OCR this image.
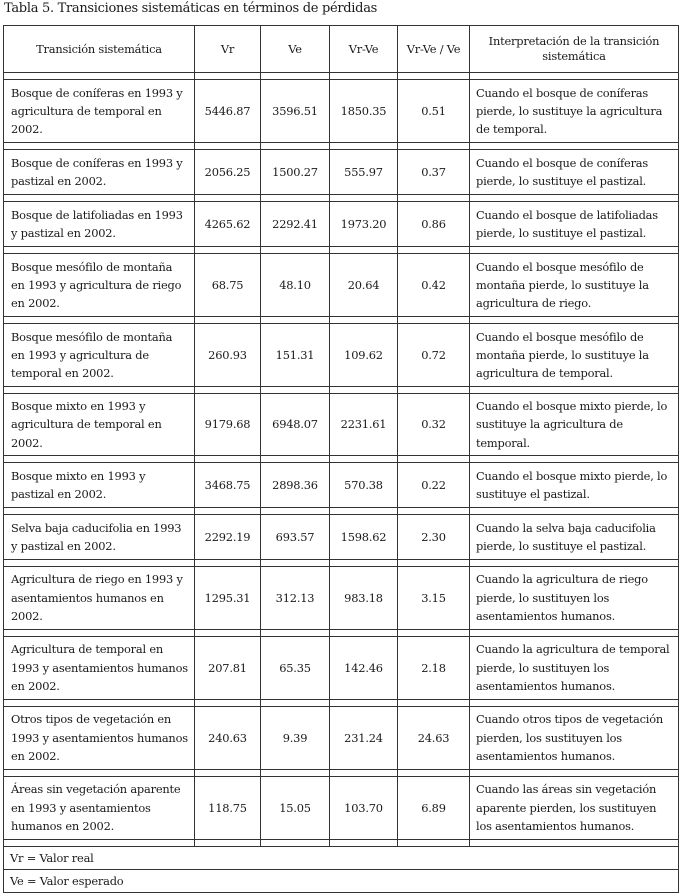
Tabla 5. Transiciones sistemáticas en términos de pérdidas
Transición sistemática	Vr	Ve	Vr-Ve	Vr-Ve / Ve	Interpretación de la transición sistemática

Bosque de coníferas en 1993 y agricultura de temporal en 2002.	5446.87	3596.51	1850.35	0.51	Cuando el bosque de coníferas pierde, lo sustituye la agricultura de temporal.

Bosque de coníferas en 1993 y pastizal en 2002.	2056.25	1500.27	555.97	0.37	Cuando el bosque de coníferas pierde, lo sustituye el pastizal.

Bosque de latifoliadas en 1993 y pastizal en 2002.	4265.62	2292.41	1973.20	0.86	Cuando el bosque de latifoliadas pierde, lo sustituye el pastizal.

Bosque mesófilo de montaña en 1993 y agricultura de riego en 2002.	68.75	48.10	20.64	0.42	Cuando el bosque mesófilo de montaña pierde, lo sustituye la agricultura de riego.

Bosque mesófilo de montaña en 1993 y agricultura de temporal en 2002.	260.93	151.31	109.62	0.72	Cuando el bosque mesófilo de montaña pierde, lo sustituye la agricultura de temporal.

Bosque mixto en 1993 y agricultura de temporal en 2002.	9179.68	6948.07	2231.61	0.32	Cuando el bosque mixto pierde, lo sustituye la agricultura de temporal.

Bosque mixto en 1993 y pastizal en 2002.	3468.75	2898.36	570.38	0.22	Cuando el bosque mixto pierde, lo sustituye el pastizal.

Selva baja caducifolia en 1993 y pastizal en 2002.	2292.19	693.57	1598.62	2.30	Cuando la selva baja caducifolia pierde, lo sustituye el pastizal.

Agricultura de riego en 1993 y asentamientos humanos en 2002.	1295.31	312.13	983.18	3.15	Cuando la agricultura de riego pierde, lo sustituyen los asentamientos humanos.

Agricultura de temporal en 1993 y asentamientos humanos en 2002.	207.81	65.35	142.46	2.18	Cuando la agricultura de temporal pierde, lo sustituyen los asentamientos humanos.

Otros tipos de vegetación en 1993 y asentamientos humanos en 2002.	240.63	9.39	231.24	24.63	Cuando otros tipos de vegetación pierden, los sustituyen los asentamientos humanos.

Áreas sin vegetación aparente en 1993 y asentamientos humanos en 2002.	118.75	15.05	103.70	6.89	Cuando las áreas sin vegetación aparente pierden, los sustituyen los asentamientos humanos.

Vr = Valor real					
Ve = Valor esperado					
